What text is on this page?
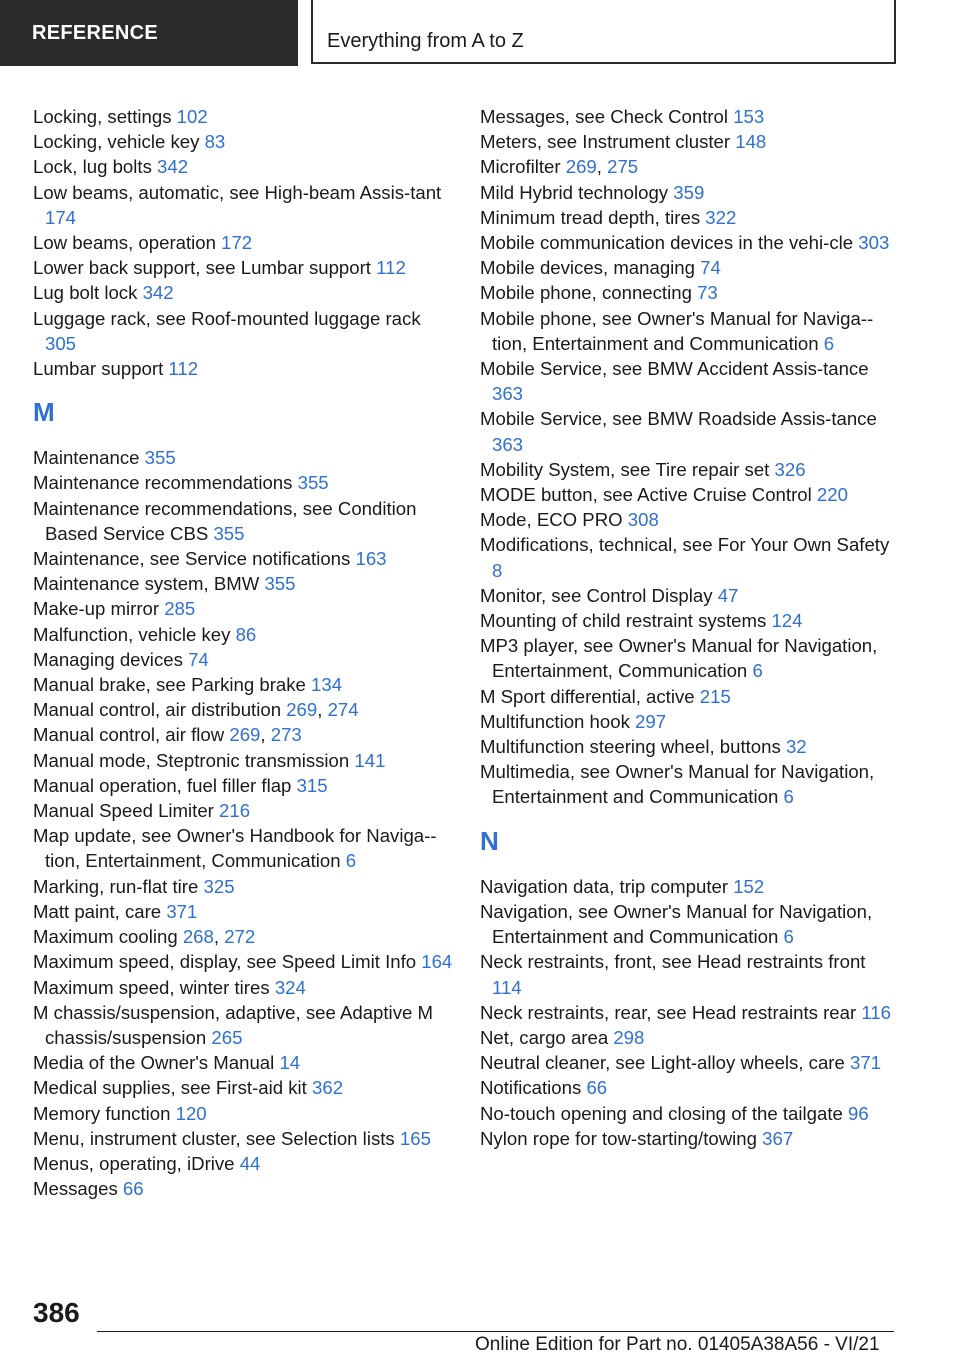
REFERENCE	Everything from A to Z

Locking, settings 102

Locking, vehicle key 83

Lock, lug bolts 342

Low beams, automatic, see High-beam Assis-tant 174

Low beams, operation 172

Lower back support, see Lumbar support 112

Lug bolt lock 342

Luggage rack, see Roof-mounted luggage rack 305

Lumbar support 112

M

Maintenance 355

Maintenance recommendations 355

Maintenance recommendations, see Condition Based Service CBS 355

Maintenance, see Service notifications 163

Maintenance system, BMW 355

Make-up mirror 285

Malfunction, vehicle key 86

Managing devices 74

Manual brake, see Parking brake 134

Manual control, air distribution 269, 274

Manual control, air flow 269, 273

Manual mode, Steptronic transmission 141

Manual operation, fuel filler flap 315

Manual Speed Limiter 216

Map update, see Owner's Handbook for Naviga-tion, Entertainment, Communication 6

Marking, run-flat tire 325

Matt paint, care 371

Maximum cooling 268, 272

Maximum speed, display, see Speed Limit Info 164

Maximum speed, winter tires 324

M chassis/suspension, adaptive, see Adaptive M chassis/suspension 265

Media of the Owner's Manual 14

Medical supplies, see First-aid kit 362

Memory function 120

Menu, instrument cluster, see Selection lists 165

Menus, operating, iDrive 44

Messages 66

Messages, see Check Control 153

Meters, see Instrument cluster 148

Microfilter 269, 275

Mild Hybrid technology 359

Minimum tread depth, tires 322

Mobile communication devices in the vehi-cle 303

Mobile devices, managing 74

Mobile phone, connecting 73

Mobile phone, see Owner's Manual for Naviga-tion, Entertainment and Communication 6

Mobile Service, see BMW Accident Assis-tance 363

Mobile Service, see BMW Roadside Assis-tance 363

Mobility System, see Tire repair set 326

MODE button, see Active Cruise Control 220

Mode, ECO PRO 308

Modifications, technical, see For Your Own Safety 8

Monitor, see Control Display 47

Mounting of child restraint systems 124

MP3 player, see Owner's Manual for Navigation, Entertainment, Communication 6

M Sport differential, active 215

Multifunction hook 297

Multifunction steering wheel, buttons 32

Multimedia, see Owner's Manual for Navigation, Entertainment and Communication 6

N

Navigation data, trip computer 152

Navigation, see Owner's Manual for Navigation, Entertainment and Communication 6

Neck restraints, front, see Head restraints front 114

Neck restraints, rear, see Head restraints rear 116

Net, cargo area 298

Neutral cleaner, see Light-alloy wheels, care 371

Notifications 66

No-touch opening and closing of the tailgate 96

Nylon rope for tow-starting/towing 367

386
Online Edition for Part no. 01405A38A56 - VI/21
